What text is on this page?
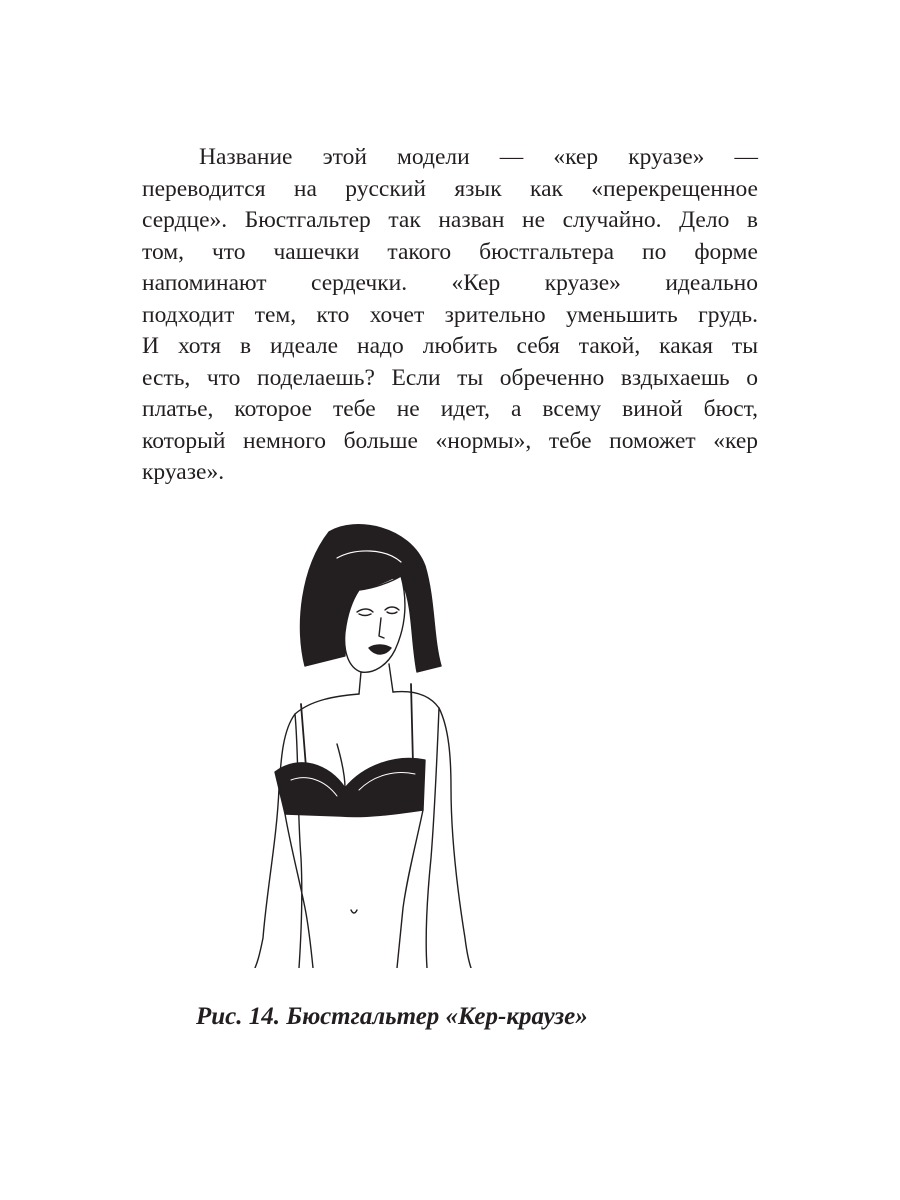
Название этой модели — «кер круазе» —
переводится на русский язык как «перекрещенное
сердце». Бюстгальтер так назван не случайно. Дело в
том, что чашечки такого бюстгальтера по форме
напоминают сердечки. «Кер круазе» идеально
подходит тем, кто хочет зрительно уменьшить грудь.
И хотя в идеале надо любить себя такой, какая ты
есть, что поделаешь? Если ты обреченно вздыхаешь о
платье, которое тебе не идет, а всему виной бюст,
который немного больше «нормы», тебе поможет «кер
круазе».
Рис. 14. Бюстгальтер «Кер-краузе»
